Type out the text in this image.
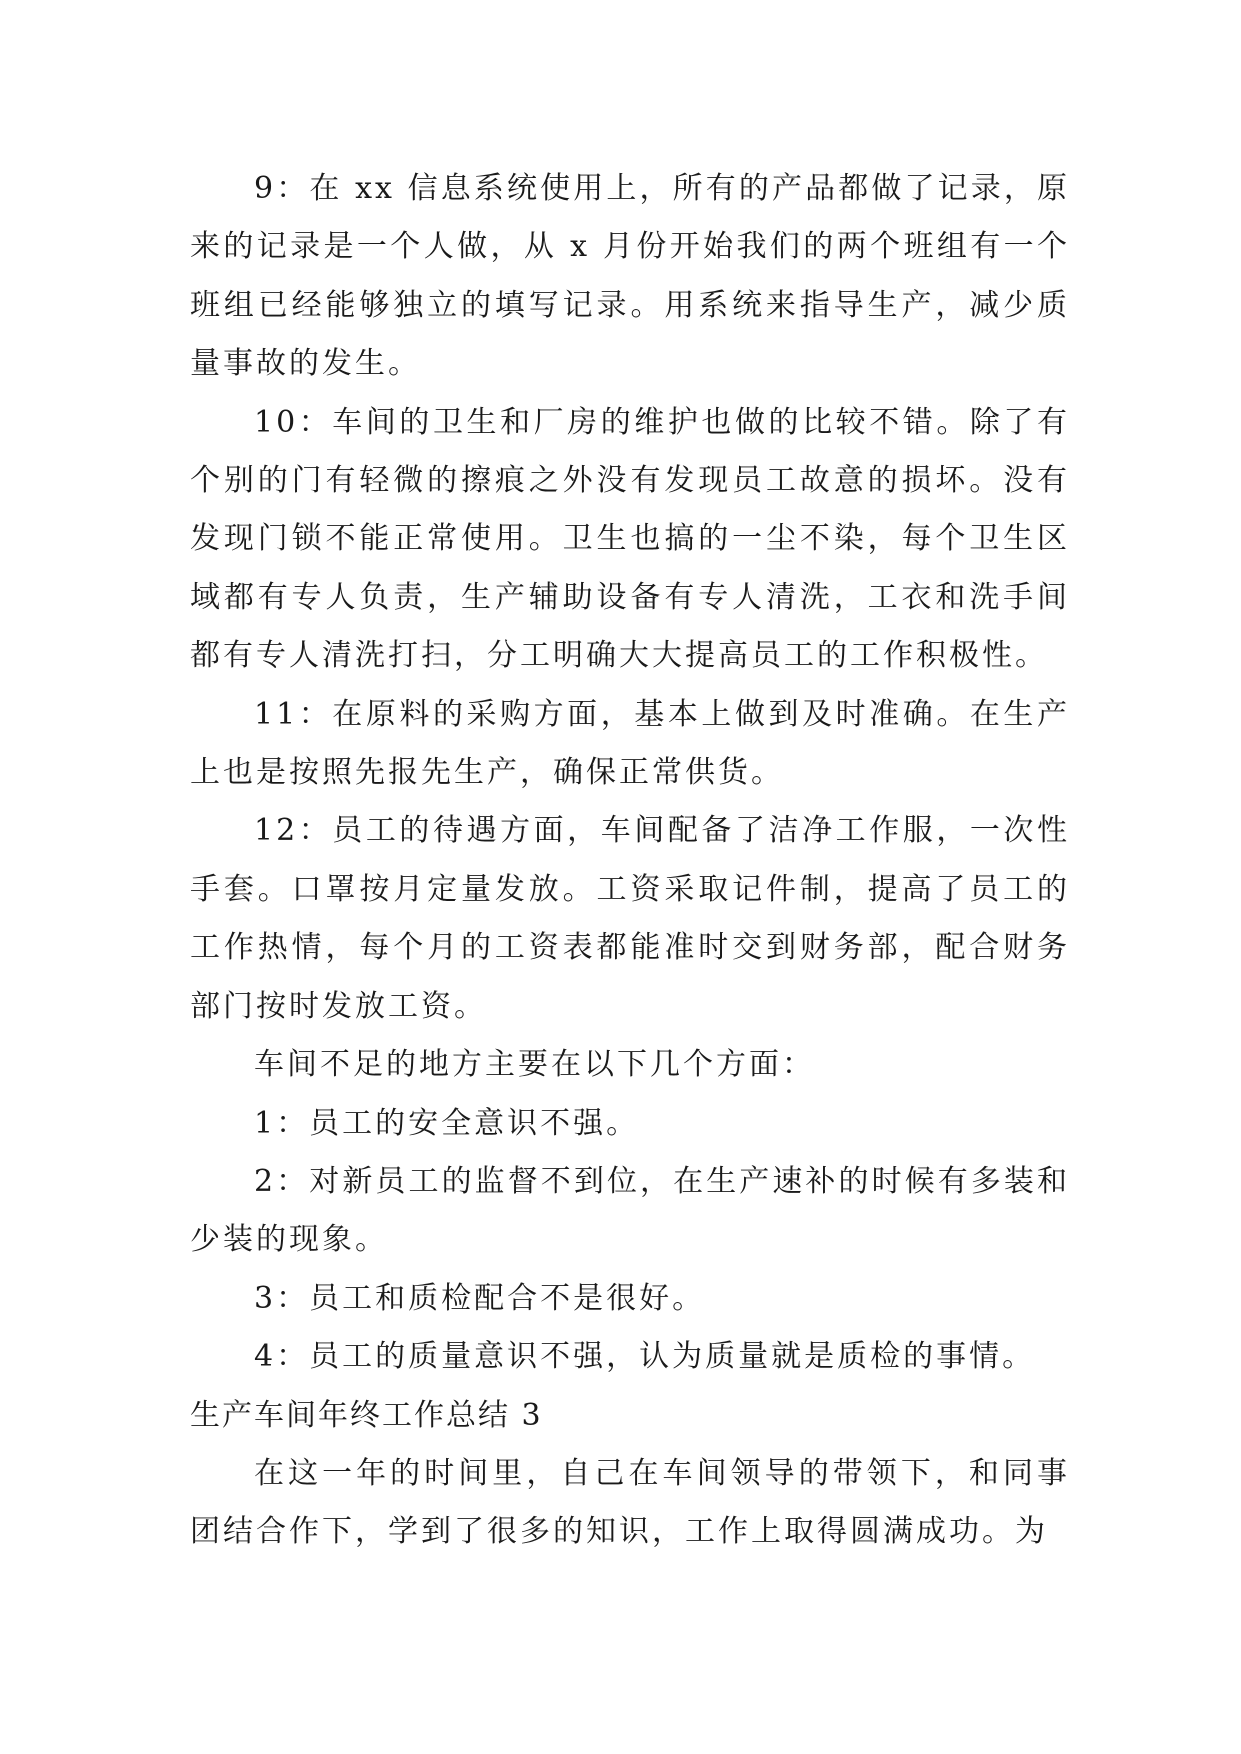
9：在 xx 信息系统使用上，所有的产品都做了记录，原来的记录是一个人做，从 x 月份开始我们的两个班组有一个班组已经能够独立的填写记录。用系统来指导生产，减少质量事故的发生。

10：车间的卫生和厂房的维护也做的比较不错。除了有个别的门有轻微的擦痕之外没有发现员工故意的损坏。没有发现门锁不能正常使用。卫生也搞的一尘不染，每个卫生区域都有专人负责，生产辅助设备有专人清洗，工衣和洗手间都有专人清洗打扫，分工明确大大提高员工的工作积极性。

11：在原料的采购方面，基本上做到及时准确。在生产上也是按照先报先生产，确保正常供货。

12：员工的待遇方面，车间配备了洁净工作服，一次性手套。口罩按月定量发放。工资采取记件制，提高了员工的工作热情，每个月的工资表都能准时交到财务部，配合财务部门按时发放工资。

车间不足的地方主要在以下几个方面：

1：员工的安全意识不强。

2：对新员工的监督不到位，在生产速补的时候有多装和少装的现象。

3：员工和质检配合不是很好。

4：员工的质量意识不强，认为质量就是质检的事情。

生产车间年终工作总结 3

在这一年的时间里，自己在车间领导的带领下，和同事团结合作下，学到了很多的知识，工作上取得圆满成功。为
